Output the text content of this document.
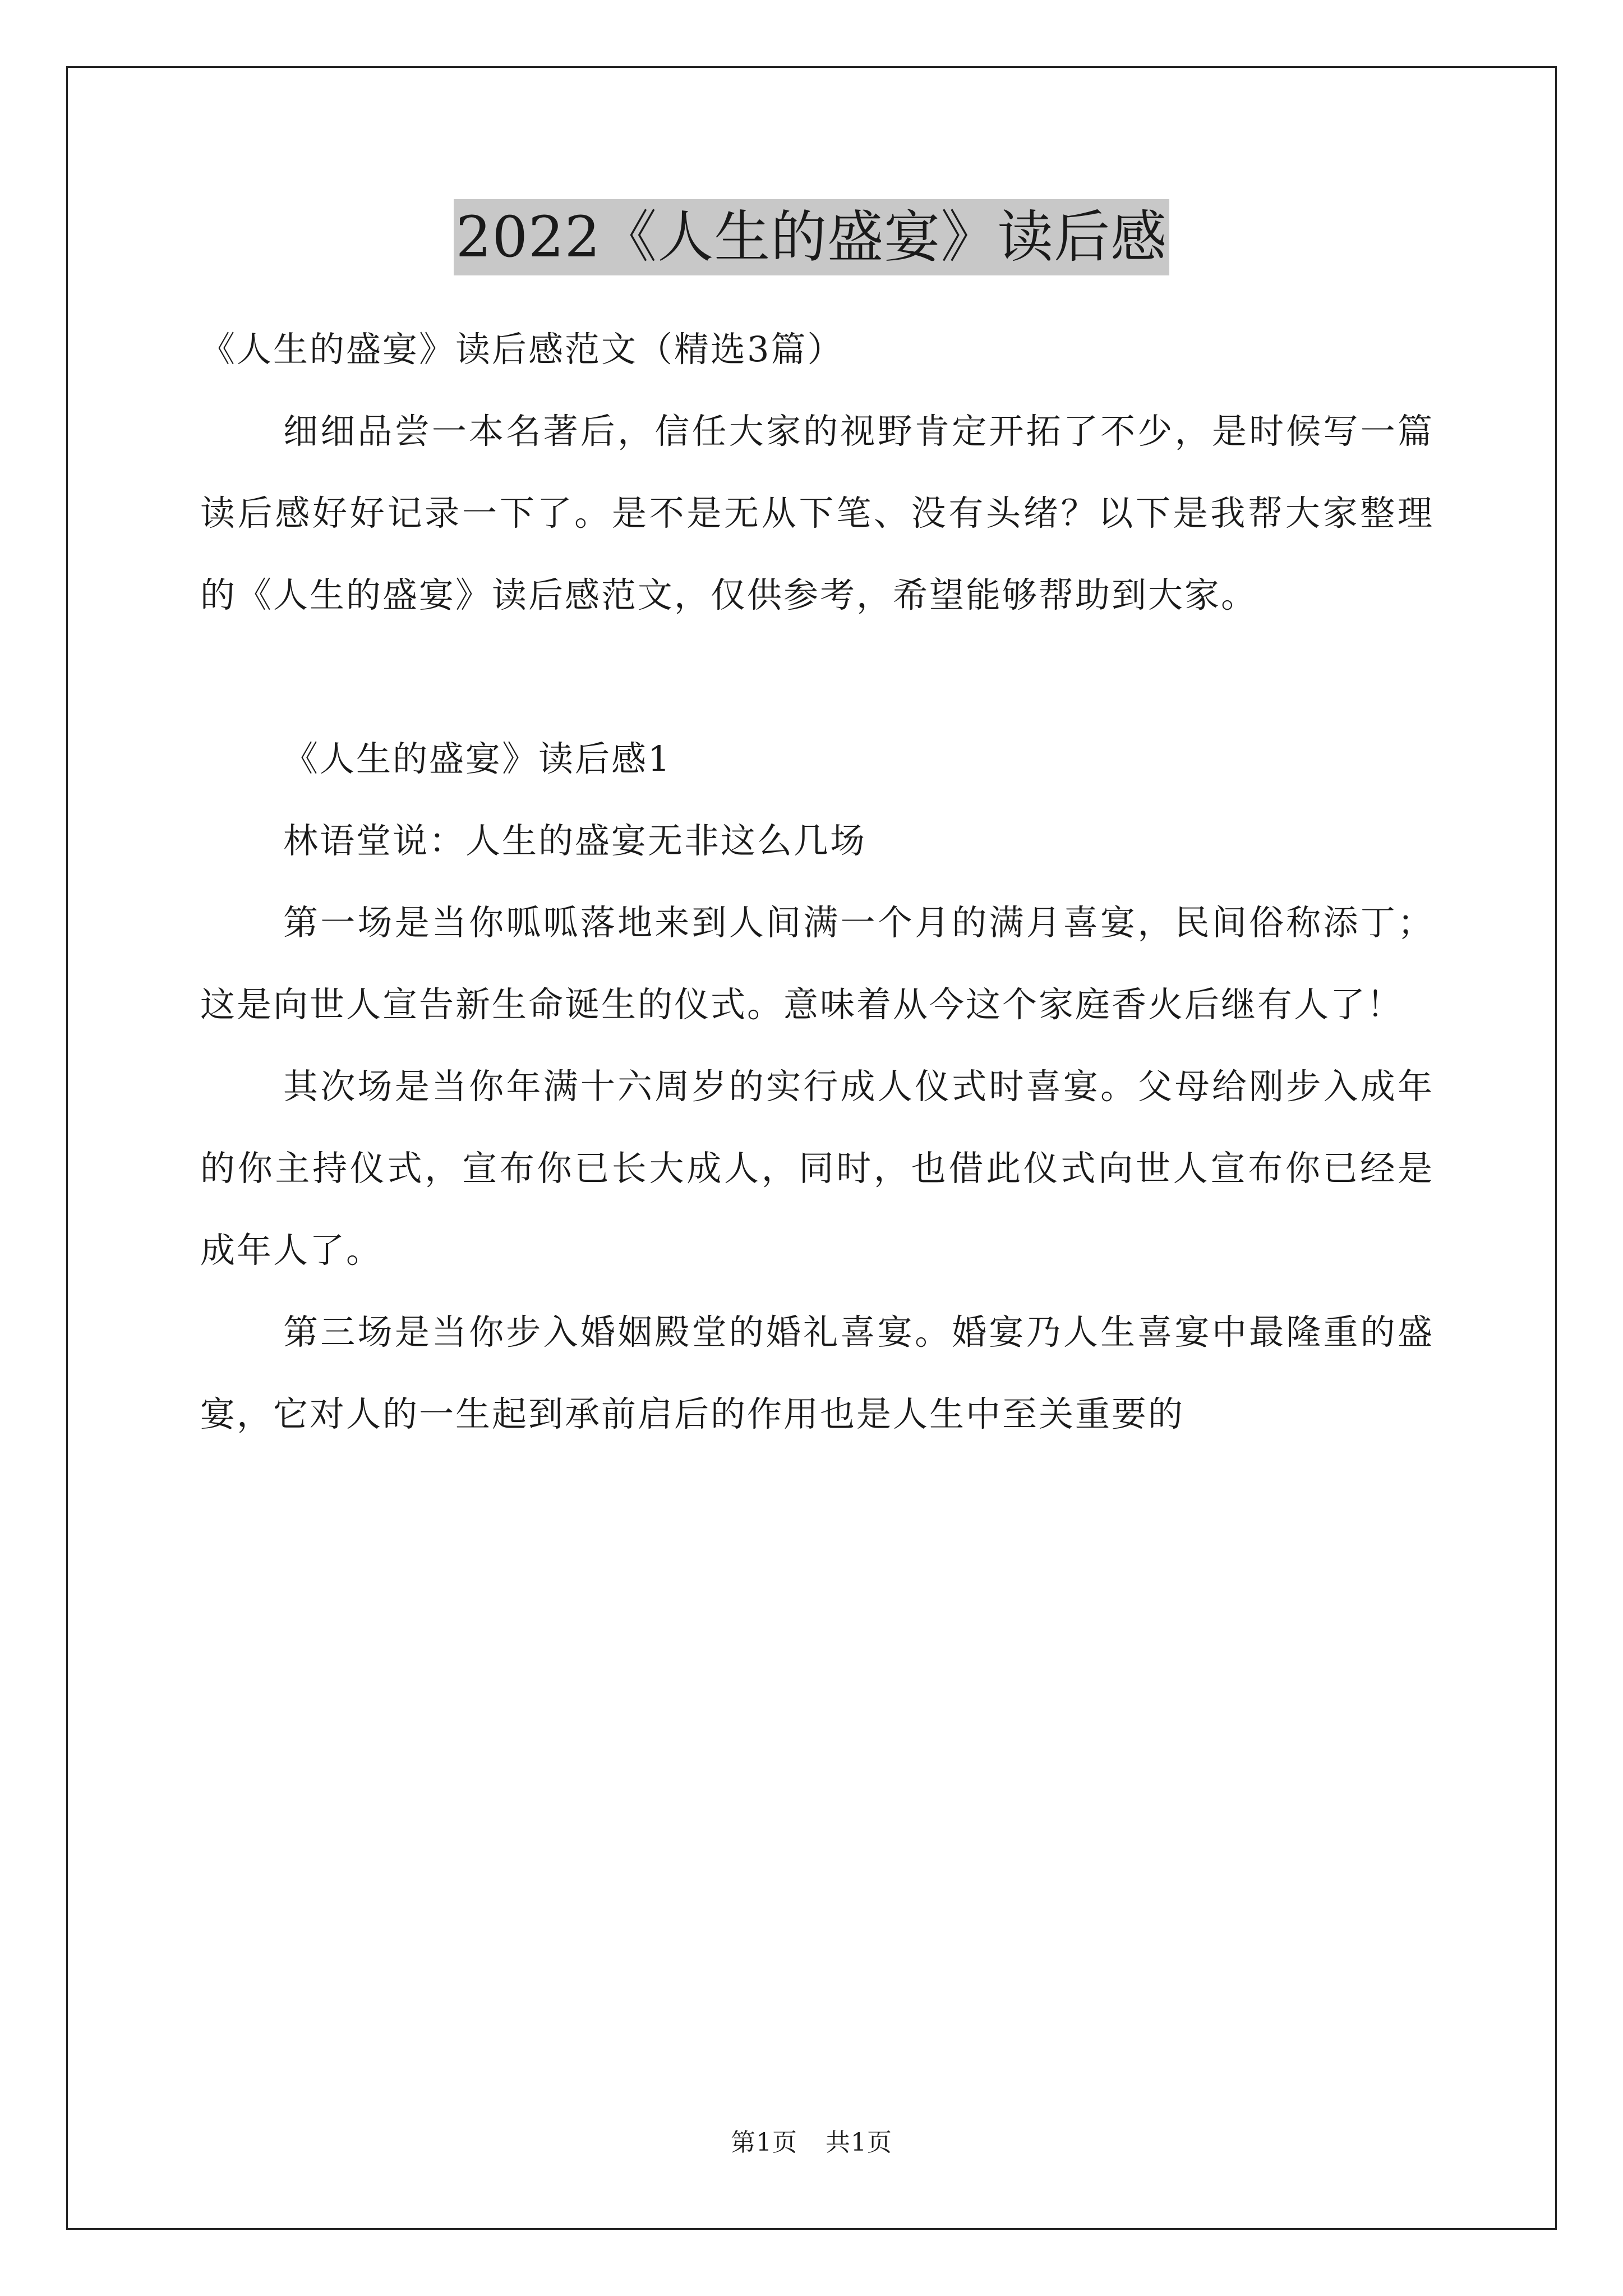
2022《人生的盛宴》读后感

《人生的盛宴》读后感范文（精选3篇）

细细品尝一本名著后，信任大家的视野肯定开拓了不少，是时候写一篇读后感好好记录一下了。是不是无从下笔、没有头绪？以下是我帮大家整理的《人生的盛宴》读后感范文，仅供参考，希望能够帮助到大家。

《人生的盛宴》读后感1

林语堂说：人生的盛宴无非这么几场

第一场是当你呱呱落地来到人间满一个月的满月喜宴，民间俗称添丁；这是向世人宣告新生命诞生的仪式。意味着从今这个家庭香火后继有人了！

其次场是当你年满十六周岁的实行成人仪式时喜宴。父母给刚步入成年的你主持仪式，宣布你已长大成人，同时，也借此仪式向世人宣布你已经是成年人了。

第三场是当你步入婚姻殿堂的婚礼喜宴。婚宴乃人生喜宴中最隆重的盛宴，它对人的一生起到承前启后的作用也是人生中至关重要的

第1页 共1页
